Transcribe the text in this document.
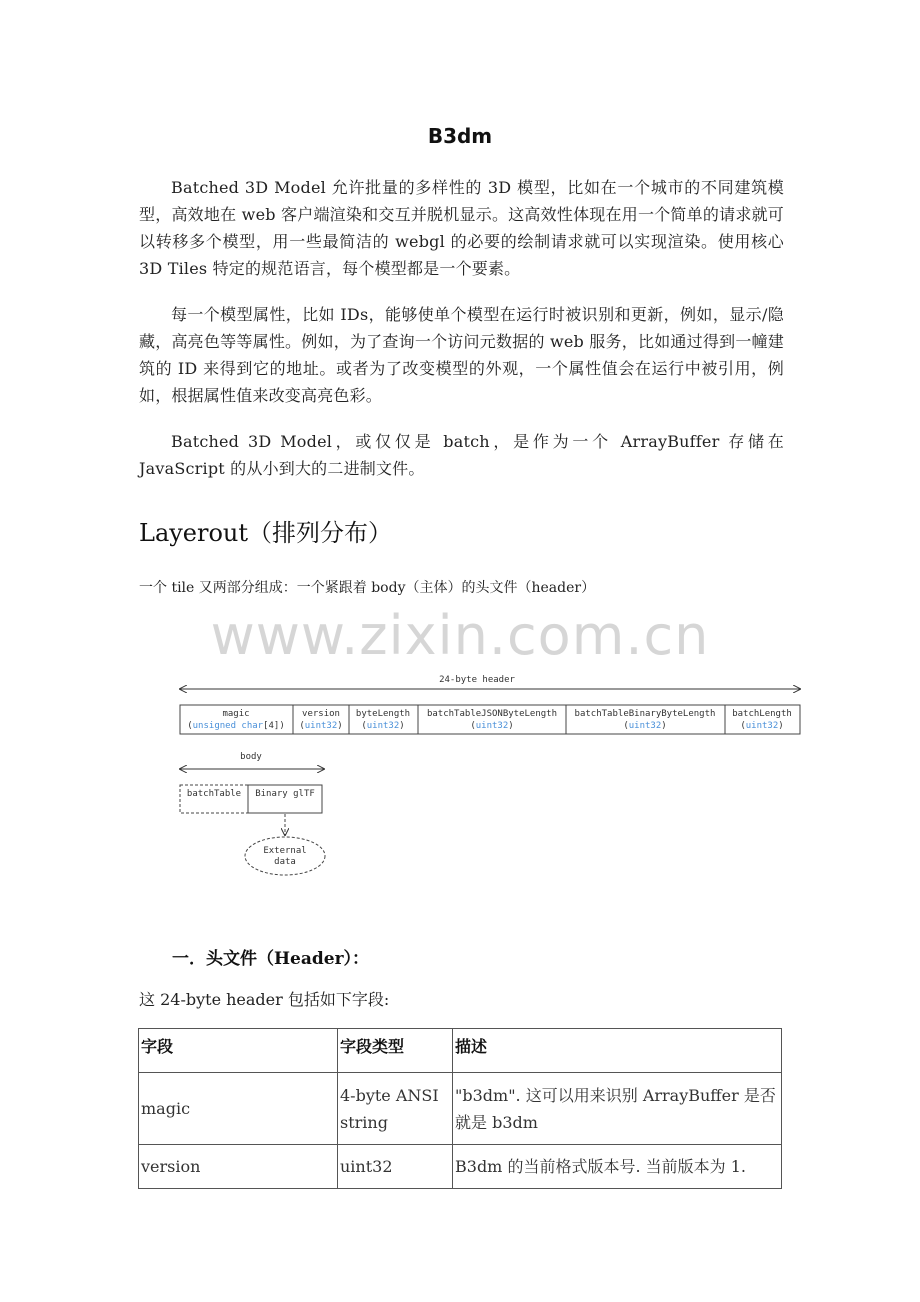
B3dm

Batched 3D Model 允许批量的多样性的 3D 模型，比如在一个城市的不同建筑模型，高效地在 web 客户端渲染和交互并脱机显示。这高效性体现在用一个简单的请求就可以转移多个模型，用一些最简洁的 webgl 的必要的绘制请求就可以实现渲染。使用核心 3D Tiles 特定的规范语言，每个模型都是一个要素。

每一个模型属性，比如 IDs，能够使单个模型在运行时被识别和更新，例如，显示/隐藏，高亮色等等属性。例如，为了查询一个访问元数据的 web 服务，比如通过得到一幢建筑的 ID 来得到它的地址。或者为了改变模型的外观，一个属性值会在运行中被引用，例如，根据属性值来改变高亮色彩。

Batched 3D Model，或仅仅是 batch，是作为一个 ArrayBuffer 存储在 JavaScript 的从小到大的二进制文件。

Layerout（排列分布）
一个 tile 又两部分组成：一个紧跟着 body（主体）的头文件（header）
www.zixin.com.cn
24-byte header
magic
(unsigned char[4])
version
(uint32)
byteLength
(uint32)
batchTableJSONByteLength
(uint32)
batchTableBinaryByteLength
(uint32)
batchLength
(uint32)
body
batchTable Binary glTF
External
data
一．头文件（Header）：
这 24-byte header 包括如下字段:
字段	字段类型	描述
magic	4-byte ANSI string	"b3dm". 这可以用来识别 ArrayBuffer 是否就是 b3dm
version	uint32	B3dm 的当前格式版本号. 当前版本为 1.
